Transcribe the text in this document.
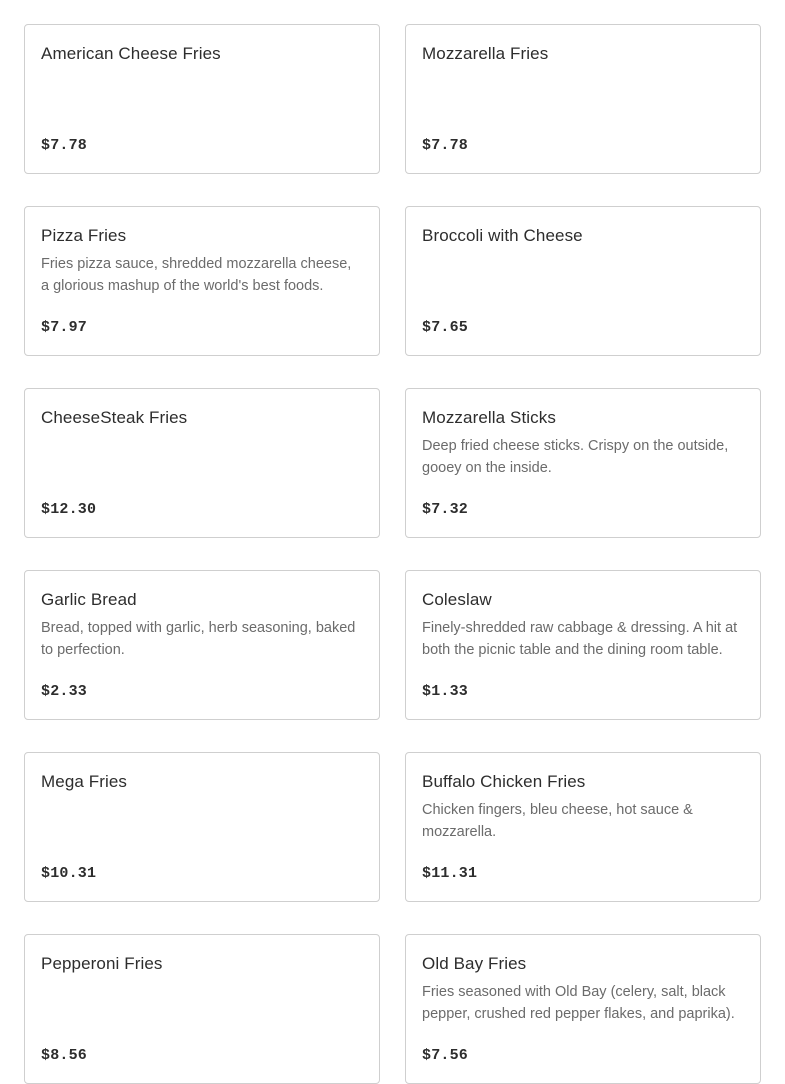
American Cheese Fries
$7.78
Mozzarella Fries
$7.78
Pizza Fries
Fries pizza sauce, shredded mozzarella cheese, a glorious mashup of the world's best foods.
$7.97
Broccoli with Cheese
$7.65
CheeseSteak Fries
$12.30
Mozzarella Sticks
Deep fried cheese sticks. Crispy on the outside, gooey on the inside.
$7.32
Garlic Bread
Bread, topped with garlic, herb seasoning, baked to perfection.
$2.33
Coleslaw
Finely-shredded raw cabbage & dressing. A hit at both the picnic table and the dining room table.
$1.33
Mega Fries
$10.31
Buffalo Chicken Fries
Chicken fingers, bleu cheese, hot sauce & mozzarella.
$11.31
Pepperoni Fries
$8.56
Old Bay Fries
Fries seasoned with Old Bay (celery, salt, black pepper, crushed red pepper flakes, and paprika).
$7.56
